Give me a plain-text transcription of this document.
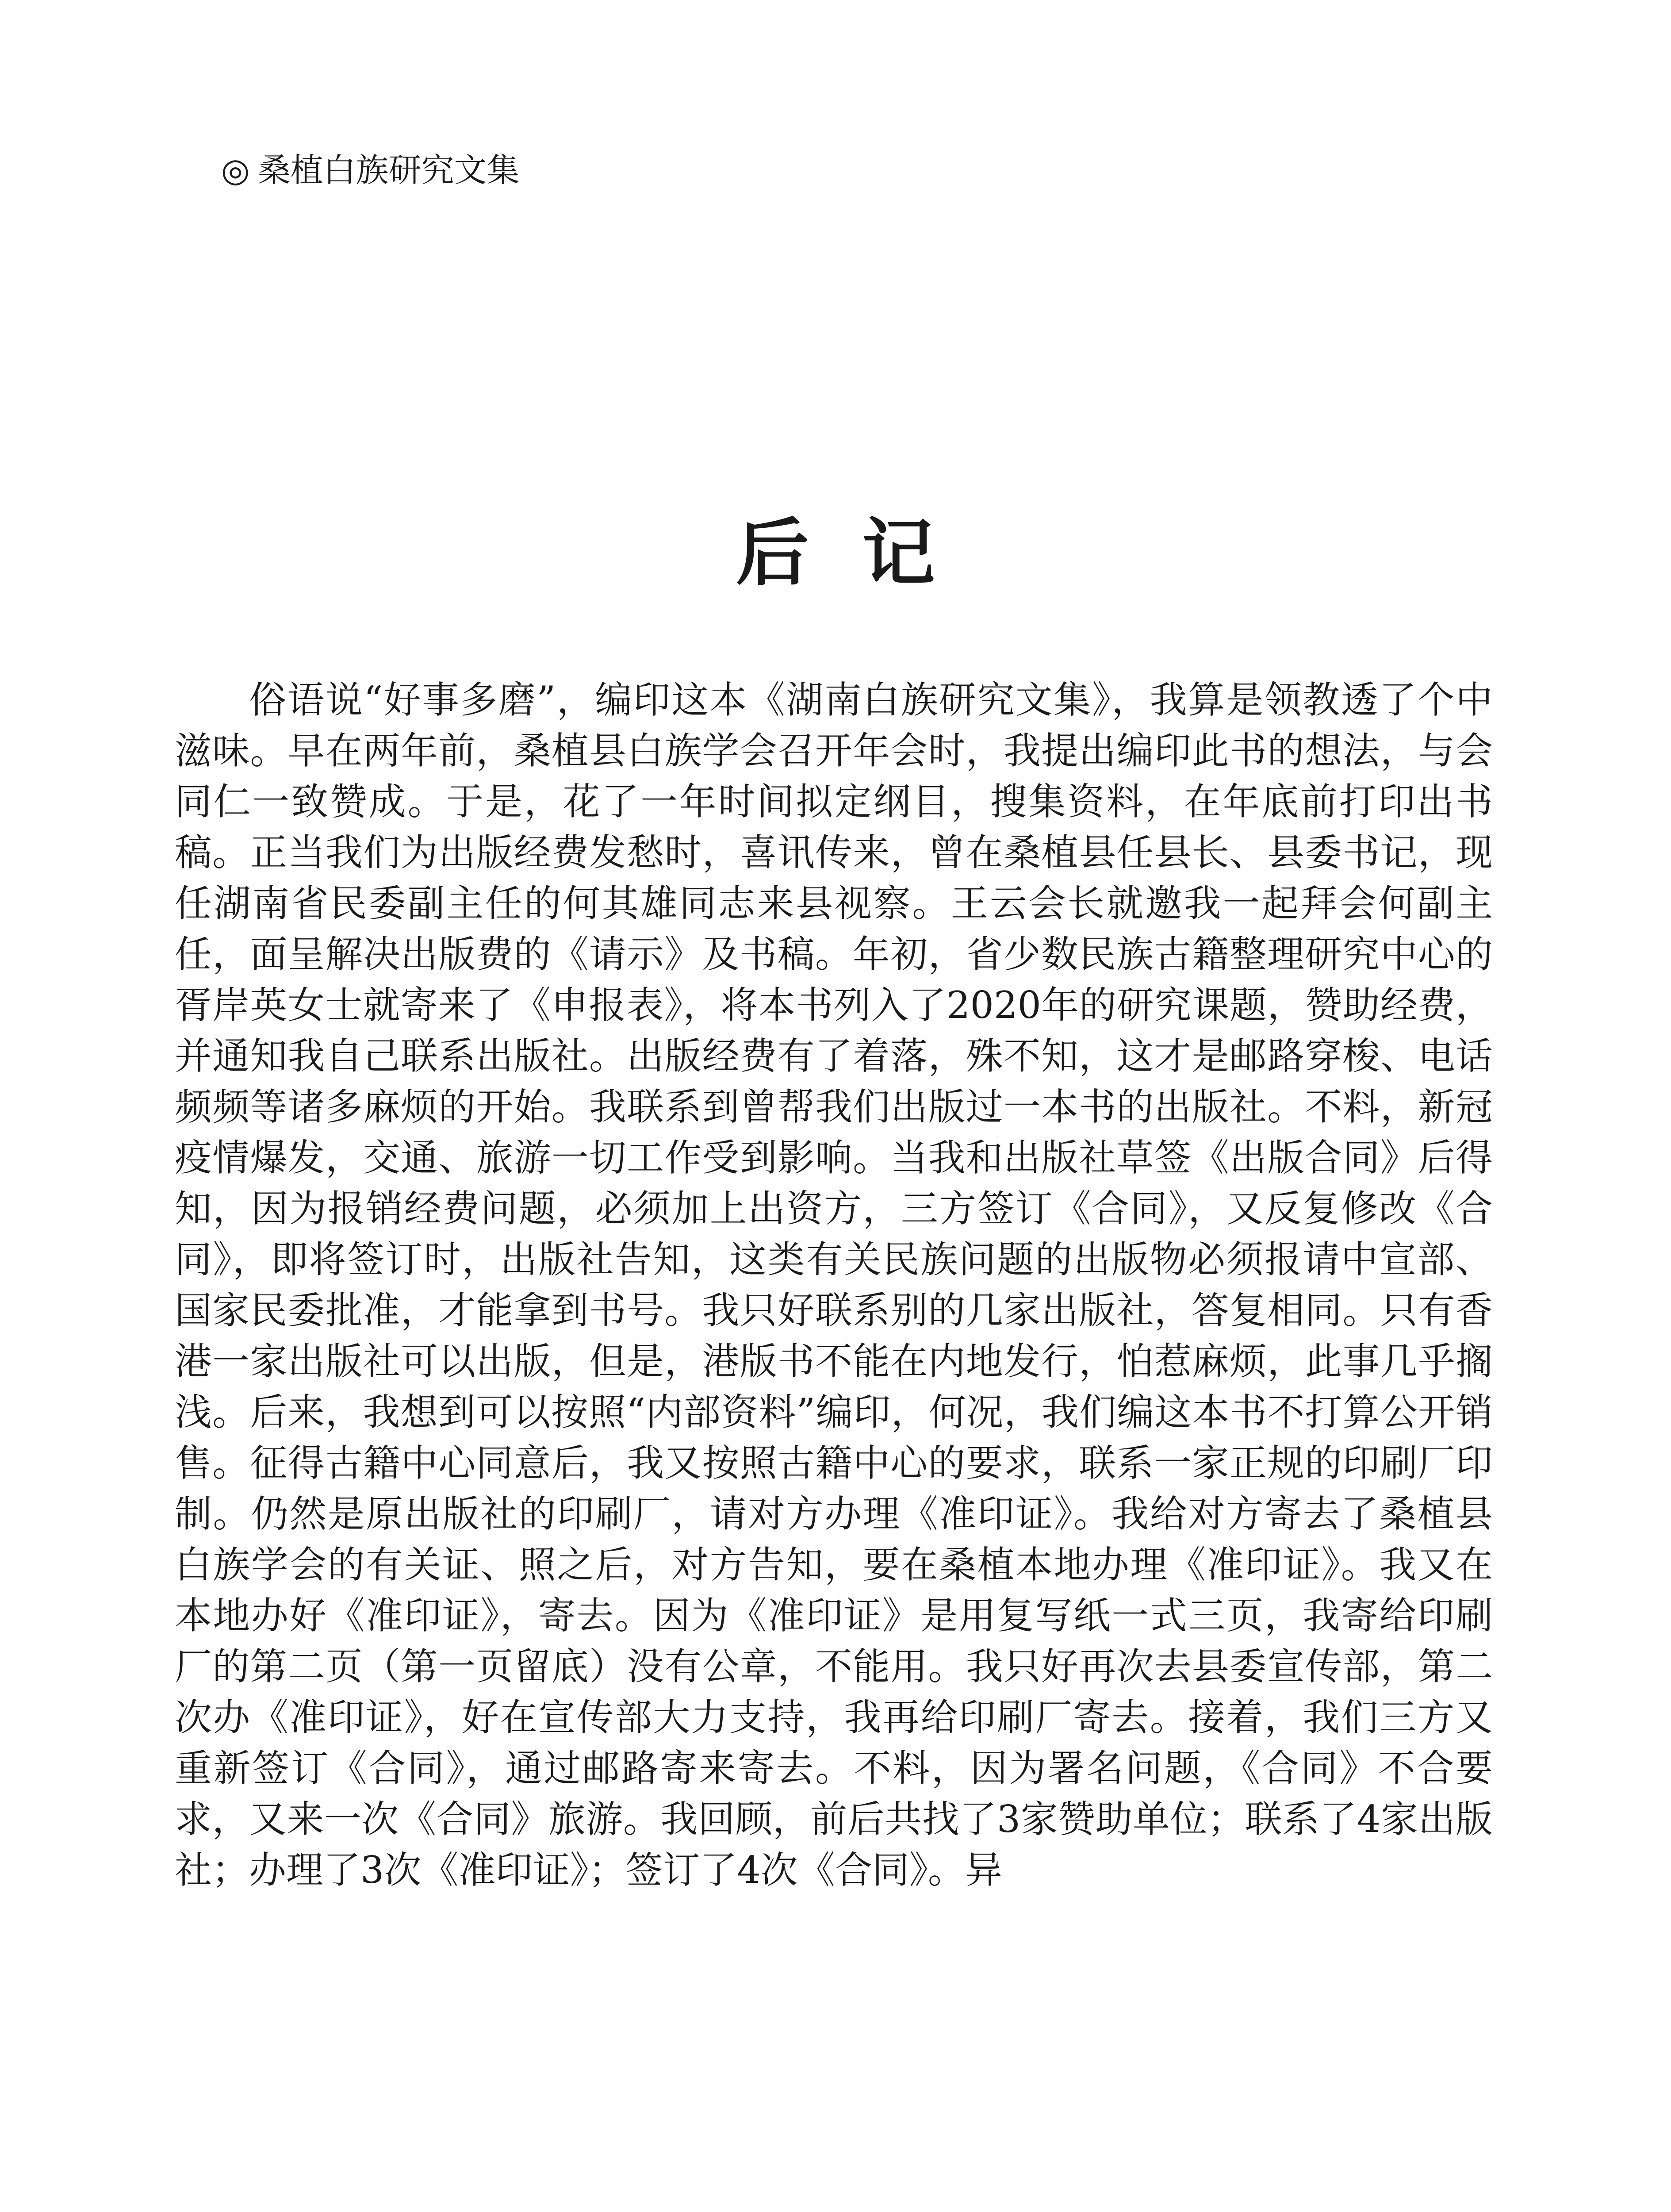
◎ 桑植白族研究文集
后记

俗语说“好事多磨”，编印这本《湖南白族研究文集》，我算是领教透了个中滋味。早在两年前，桑植县白族学会召开年会时，我提出编印此书的想法，与会同仁一致赞成。于是，花了一年时间拟定纲目，搜集资料，在年底前打印出书稿。正当我们为出版经费发愁时，喜讯传来，曾在桑植县任县长、县委书记，现任湖南省民委副主任的何其雄同志来县视察。王云会长就邀我一起拜会何副主任，面呈解决出版费的《请示》及书稿。年初，省少数民族古籍整理研究中心的胥岸英女士就寄来了《申报表》，将本书列入了2020年的研究课题，赞助经费，并通知我自己联系出版社。出版经费有了着落，殊不知，这才是邮路穿梭、电话频频等诸多麻烦的开始。我联系到曾帮我们出版过一本书的出版社。不料，新冠疫情爆发，交通、旅游一切工作受到影响。当我和出版社草签《出版合同》后得知，因为报销经费问题，必须加上出资方，三方签订《合同》，又反复修改《合同》，即将签订时，出版社告知，这类有关民族问题的出版物必须报请中宣部、国家民委批准，才能拿到书号。我只好联系别的几家出版社，答复相同。只有香港一家出版社可以出版，但是，港版书不能在内地发行，怕惹麻烦，此事几乎搁浅。后来，我想到可以按照“内部资料”编印，何况，我们编这本书不打算公开销售。征得古籍中心同意后，我又按照古籍中心的要求，联系一家正规的印刷厂印制。仍然是原出版社的印刷厂，请对方办理《准印证》。我给对方寄去了桑植县白族学会的有关证、照之后，对方告知，要在桑植本地办理《准印证》。我又在本地办好《准印证》，寄去。因为《准印证》是用复写纸一式三页，我寄给印刷厂的第二页（第一页留底）没有公章，不能用。我只好再次去县委宣传部，第二次办《准印证》，好在宣传部大力支持，我再给印刷厂寄去。接着，我们三方又重新签订《合同》，通过邮路寄来寄去。不料，因为署名问题，《合同》不合要求，又来一次《合同》旅游。我回顾，前后共找了3家赞助单位；联系了4家出版社；办理了3次《准印证》；签订了4次《合同》。异
